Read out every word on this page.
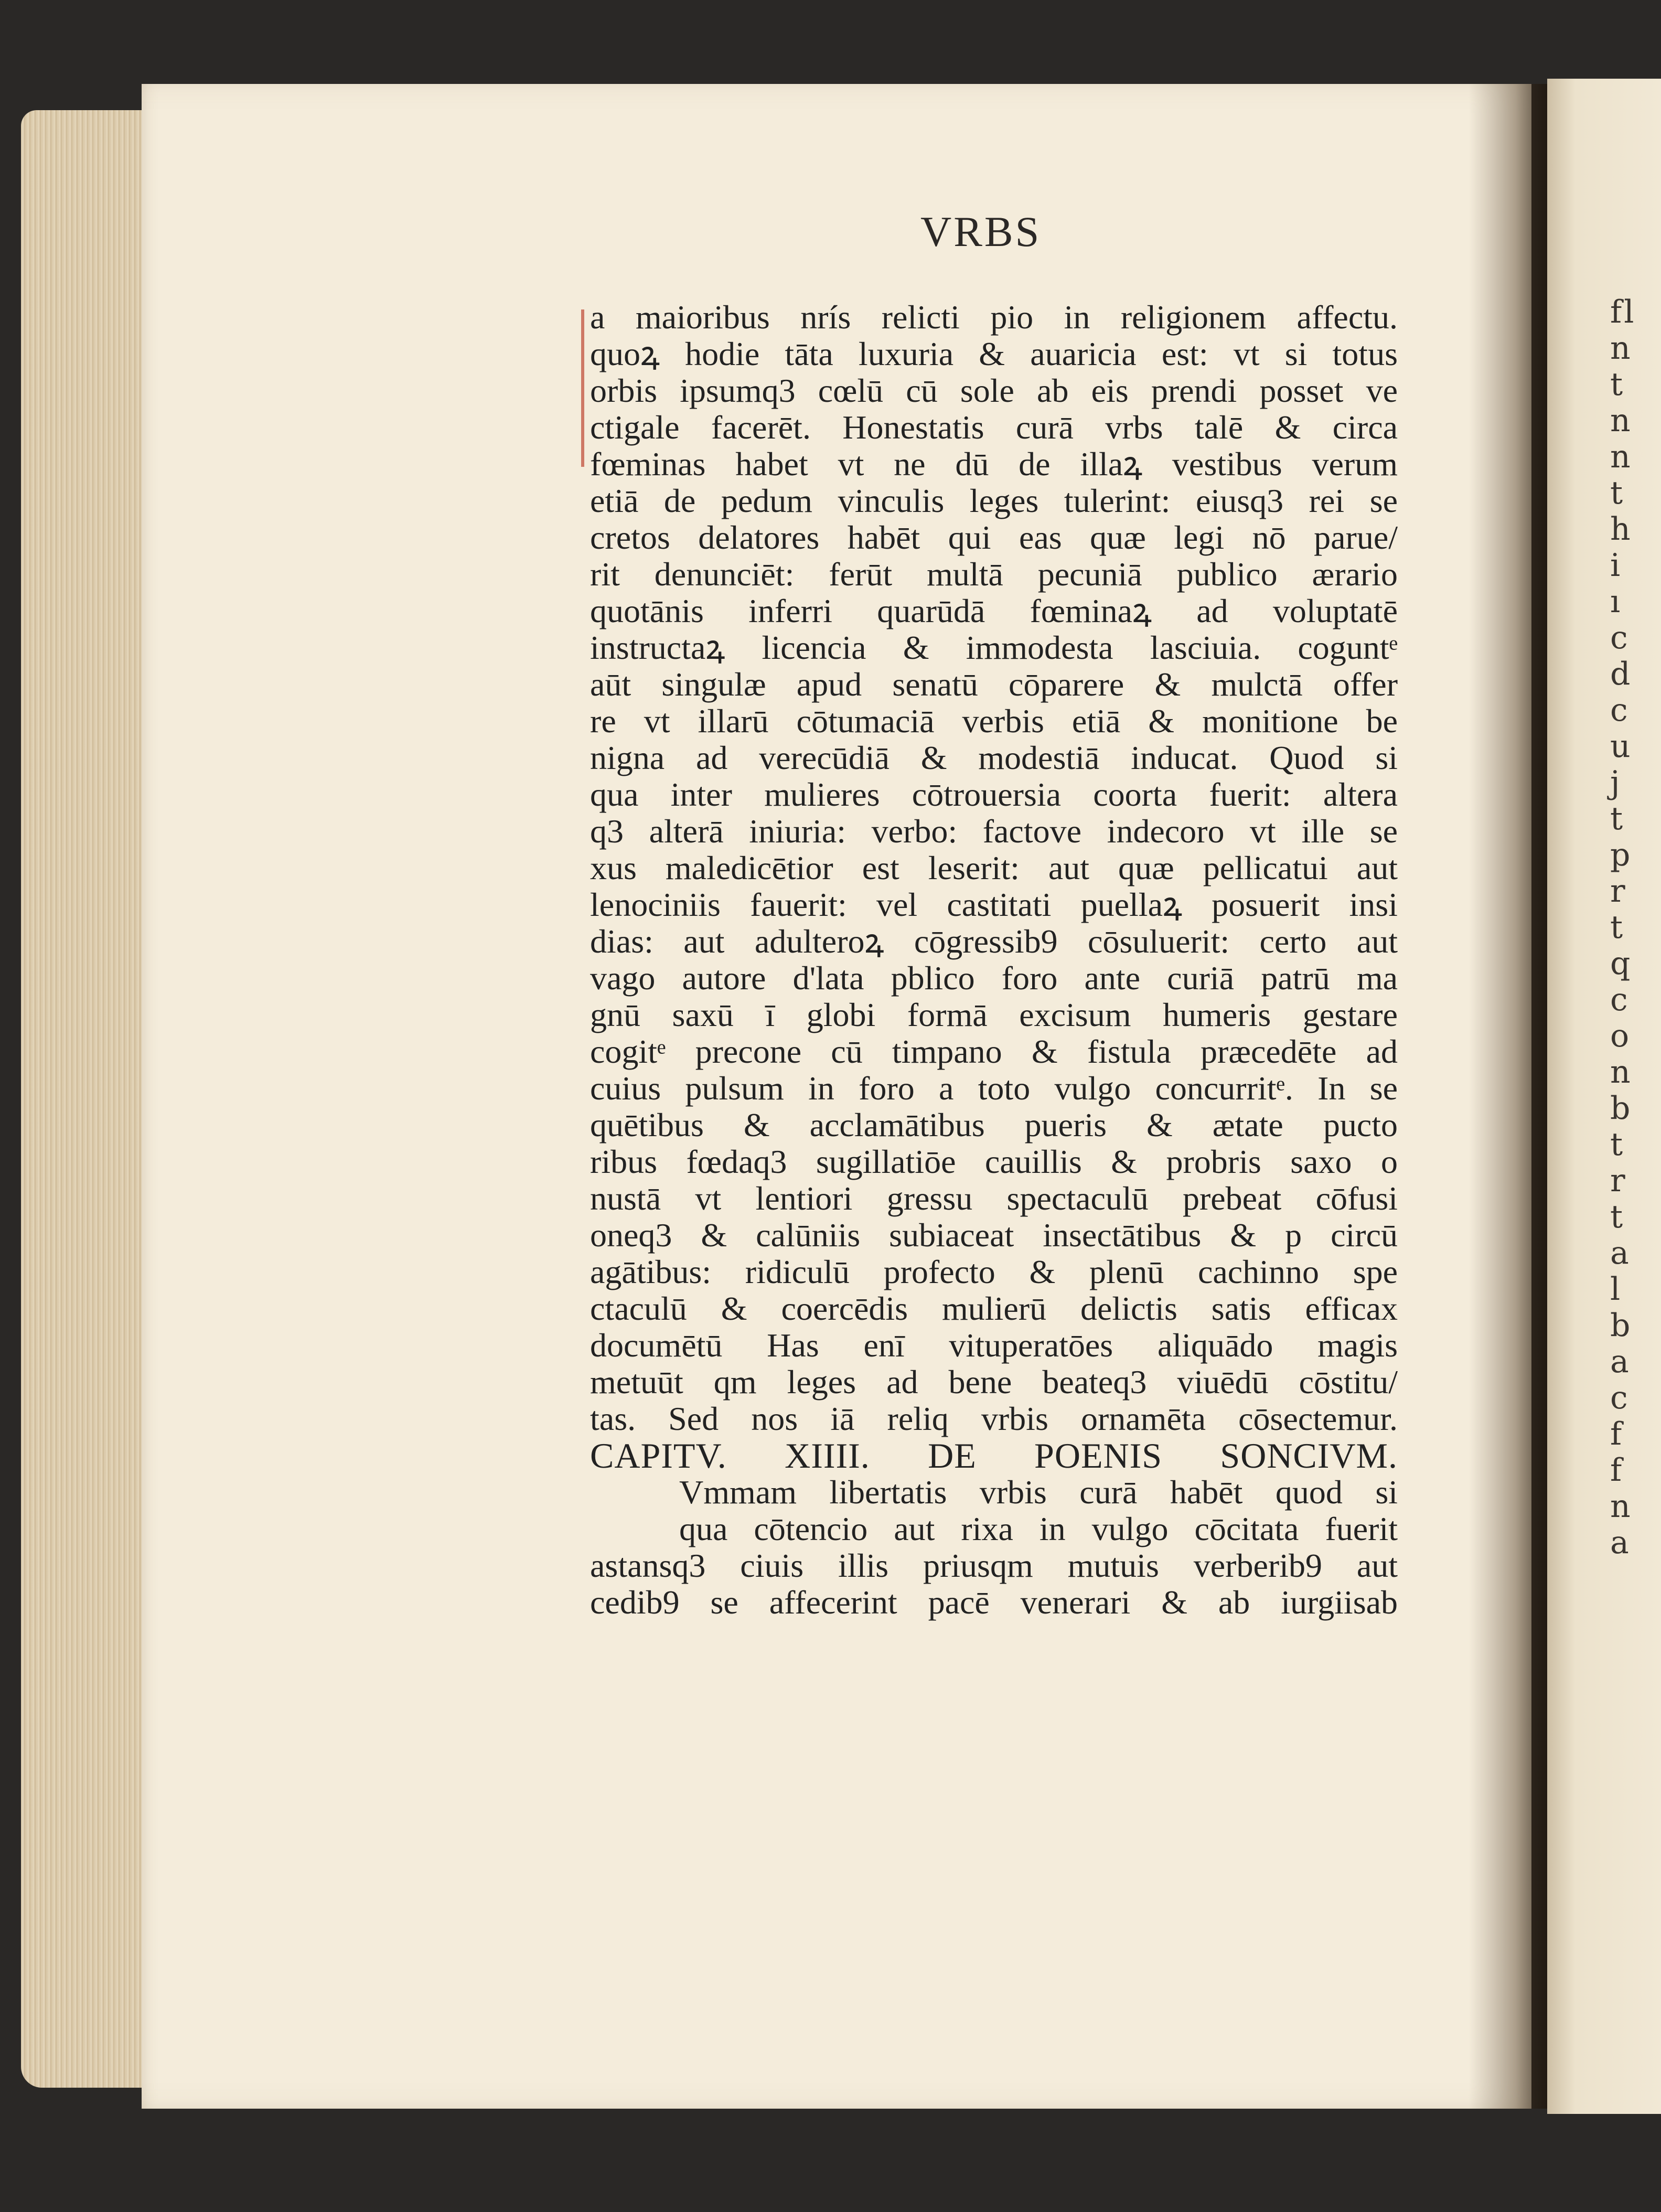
fl
n
t
n
n
t
h
i
ı
c
d
c
u
j
t
p
r
t
q
c
o
n
b
t
r
t
a
l
b
a
c
f
f
n
a
VRBS
a maioribus nrís relicti pio in religionem affectu.
quoꝝ hodie tāta luxuria & auaricia est: vt si totus
orbis ipsumq3 cœlū cū sole ab eis prendi posset ve
ctigale facerēt. Honestatis curā vrbs talē & circa
fœminas habet vt ne dū de illaꝝ vestibus verum
etiā de pedum vinculis leges tulerint: eiusq3 rei se
cretos delatores habēt qui eas quæ legi nō parue/
rit denunciēt: ferūt multā pecuniā publico ærario
quotānis inferri quarūdā fœminaꝝ ad voluptatē
instructaꝝ licencia & immodesta lasciuia. coguntᵉ
aūt singulæ apud senatū cōparere & mulctā offer
re vt illarū cōtumaciā verbis etiā & monitione be
nigna ad verecūdiā & modestiā inducat. Quod si
qua inter mulieres cōtrouersia coorta fuerit: altera
q3 alterā iniuria: verbo: factove indecoro vt ille se
xus maledicētior est leserit: aut quæ pellicatui aut
lenociniis fauerit: vel castitati puellaꝝ posuerit insi
dias: aut adulteroꝝ cōgressib9 cōsuluerit: certo aut
vago autore d'lata pblico foro ante curiā patrū ma
gnū saxū ī globi formā excisum humeris gestare
cogitᵉ precone cū timpano & fistula præcedēte ad
cuius pulsum in foro a toto vulgo concurritᵉ. In se
quētibus & acclamātibus pueris & ætate pucto
ribus fœdaq3 sugillatiōe cauillis & probris saxo o
nustā vt lentiori gressu spectaculū prebeat cōfusi
oneq3 & calūniis subiaceat insectātibus & p circū
agātibus: ridiculū profecto & plenū cachinno spe
ctaculū & coercēdis mulierū delictis satis efficax
documētū Has enī vituperatōes aliquādo magis
metuūt qm leges ad bene beateq3 viuēdū cōstitu/
tas. Sed nos iā reliq vrbis ornamēta cōsectemur.
CAPITV. XIIII. DE POENIS SONCIVM.
Vmmam libertatis vrbis curā habēt quod si
qua cōtencio aut rixa in vulgo cōcitata fuerit
astansq3 ciuis illis priusqm mutuis verberib9 aut
cedib9 se affecerint pacē venerari & ab iurgiisab
